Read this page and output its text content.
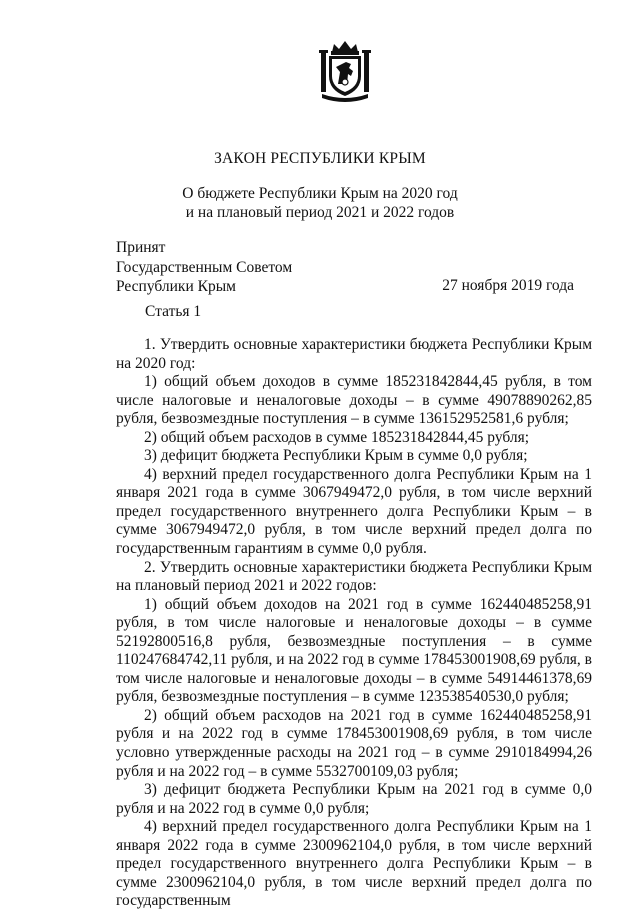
ЗАКОН РЕСПУБЛИКИ КРЫМ
О бюджете Республики Крым на 2020 год
и на плановый период 2021 и 2022 годов
Принят
Государственным Советом
Республики Крым	27 ноября 2019 года
Статья 1

1. Утвердить основные характеристики бюджета Республики Крым на 2020 год:

1) общий объем доходов в сумме 185231842844,45 рубля, в том числе налоговые и неналоговые доходы – в сумме 49078890262,85 рубля, безвозмездные поступления – в сумме 136152952581,6 рубля;

2) общий объем расходов в сумме 185231842844,45 рубля;

3) дефицит бюджета Республики Крым в сумме 0,0 рубля;

4) верхний предел государственного долга Республики Крым на 1 января 2021 года в сумме 3067949472,0 рубля, в том числе верхний предел государственного внутреннего долга Республики Крым – в сумме 3067949472,0 рубля, в том числе верхний предел долга по государственным гарантиям в сумме 0,0 рубля.

2. Утвердить основные характеристики бюджета Республики Крым на плановый период 2021 и 2022 годов:

1) общий объем доходов на 2021 год в сумме 162440485258,91 рубля, в том числе налоговые и неналоговые доходы – в сумме 52192800516,8 рубля, безвозмездные поступления – в сумме 110247684742,11 рубля, и на 2022 год в сумме 178453001908,69 рубля, в том числе налоговые и неналоговые доходы – в сумме 54914461378,69 рубля, безвозмездные поступления – в сумме 123538540530,0 рубля;

2) общий объем расходов на 2021 год в сумме 162440485258,91 рубля и на 2022 год в сумме 178453001908,69 рубля, в том числе условно утвержденные расходы на 2021 год – в сумме 2910184994,26 рубля и на 2022 год – в сумме 5532700109,03 рубля;

3) дефицит бюджета Республики Крым на 2021 год в сумме 0,0 рубля и на 2022 год в сумме 0,0 рубля;

4) верхний предел государственного долга Республики Крым на 1 января 2022 года в сумме 2300962104,0 рубля, в том числе верхний предел государственного внутреннего долга Республики Крым – в сумме 2300962104,0 рубля, в том числе верхний предел долга по государственным
